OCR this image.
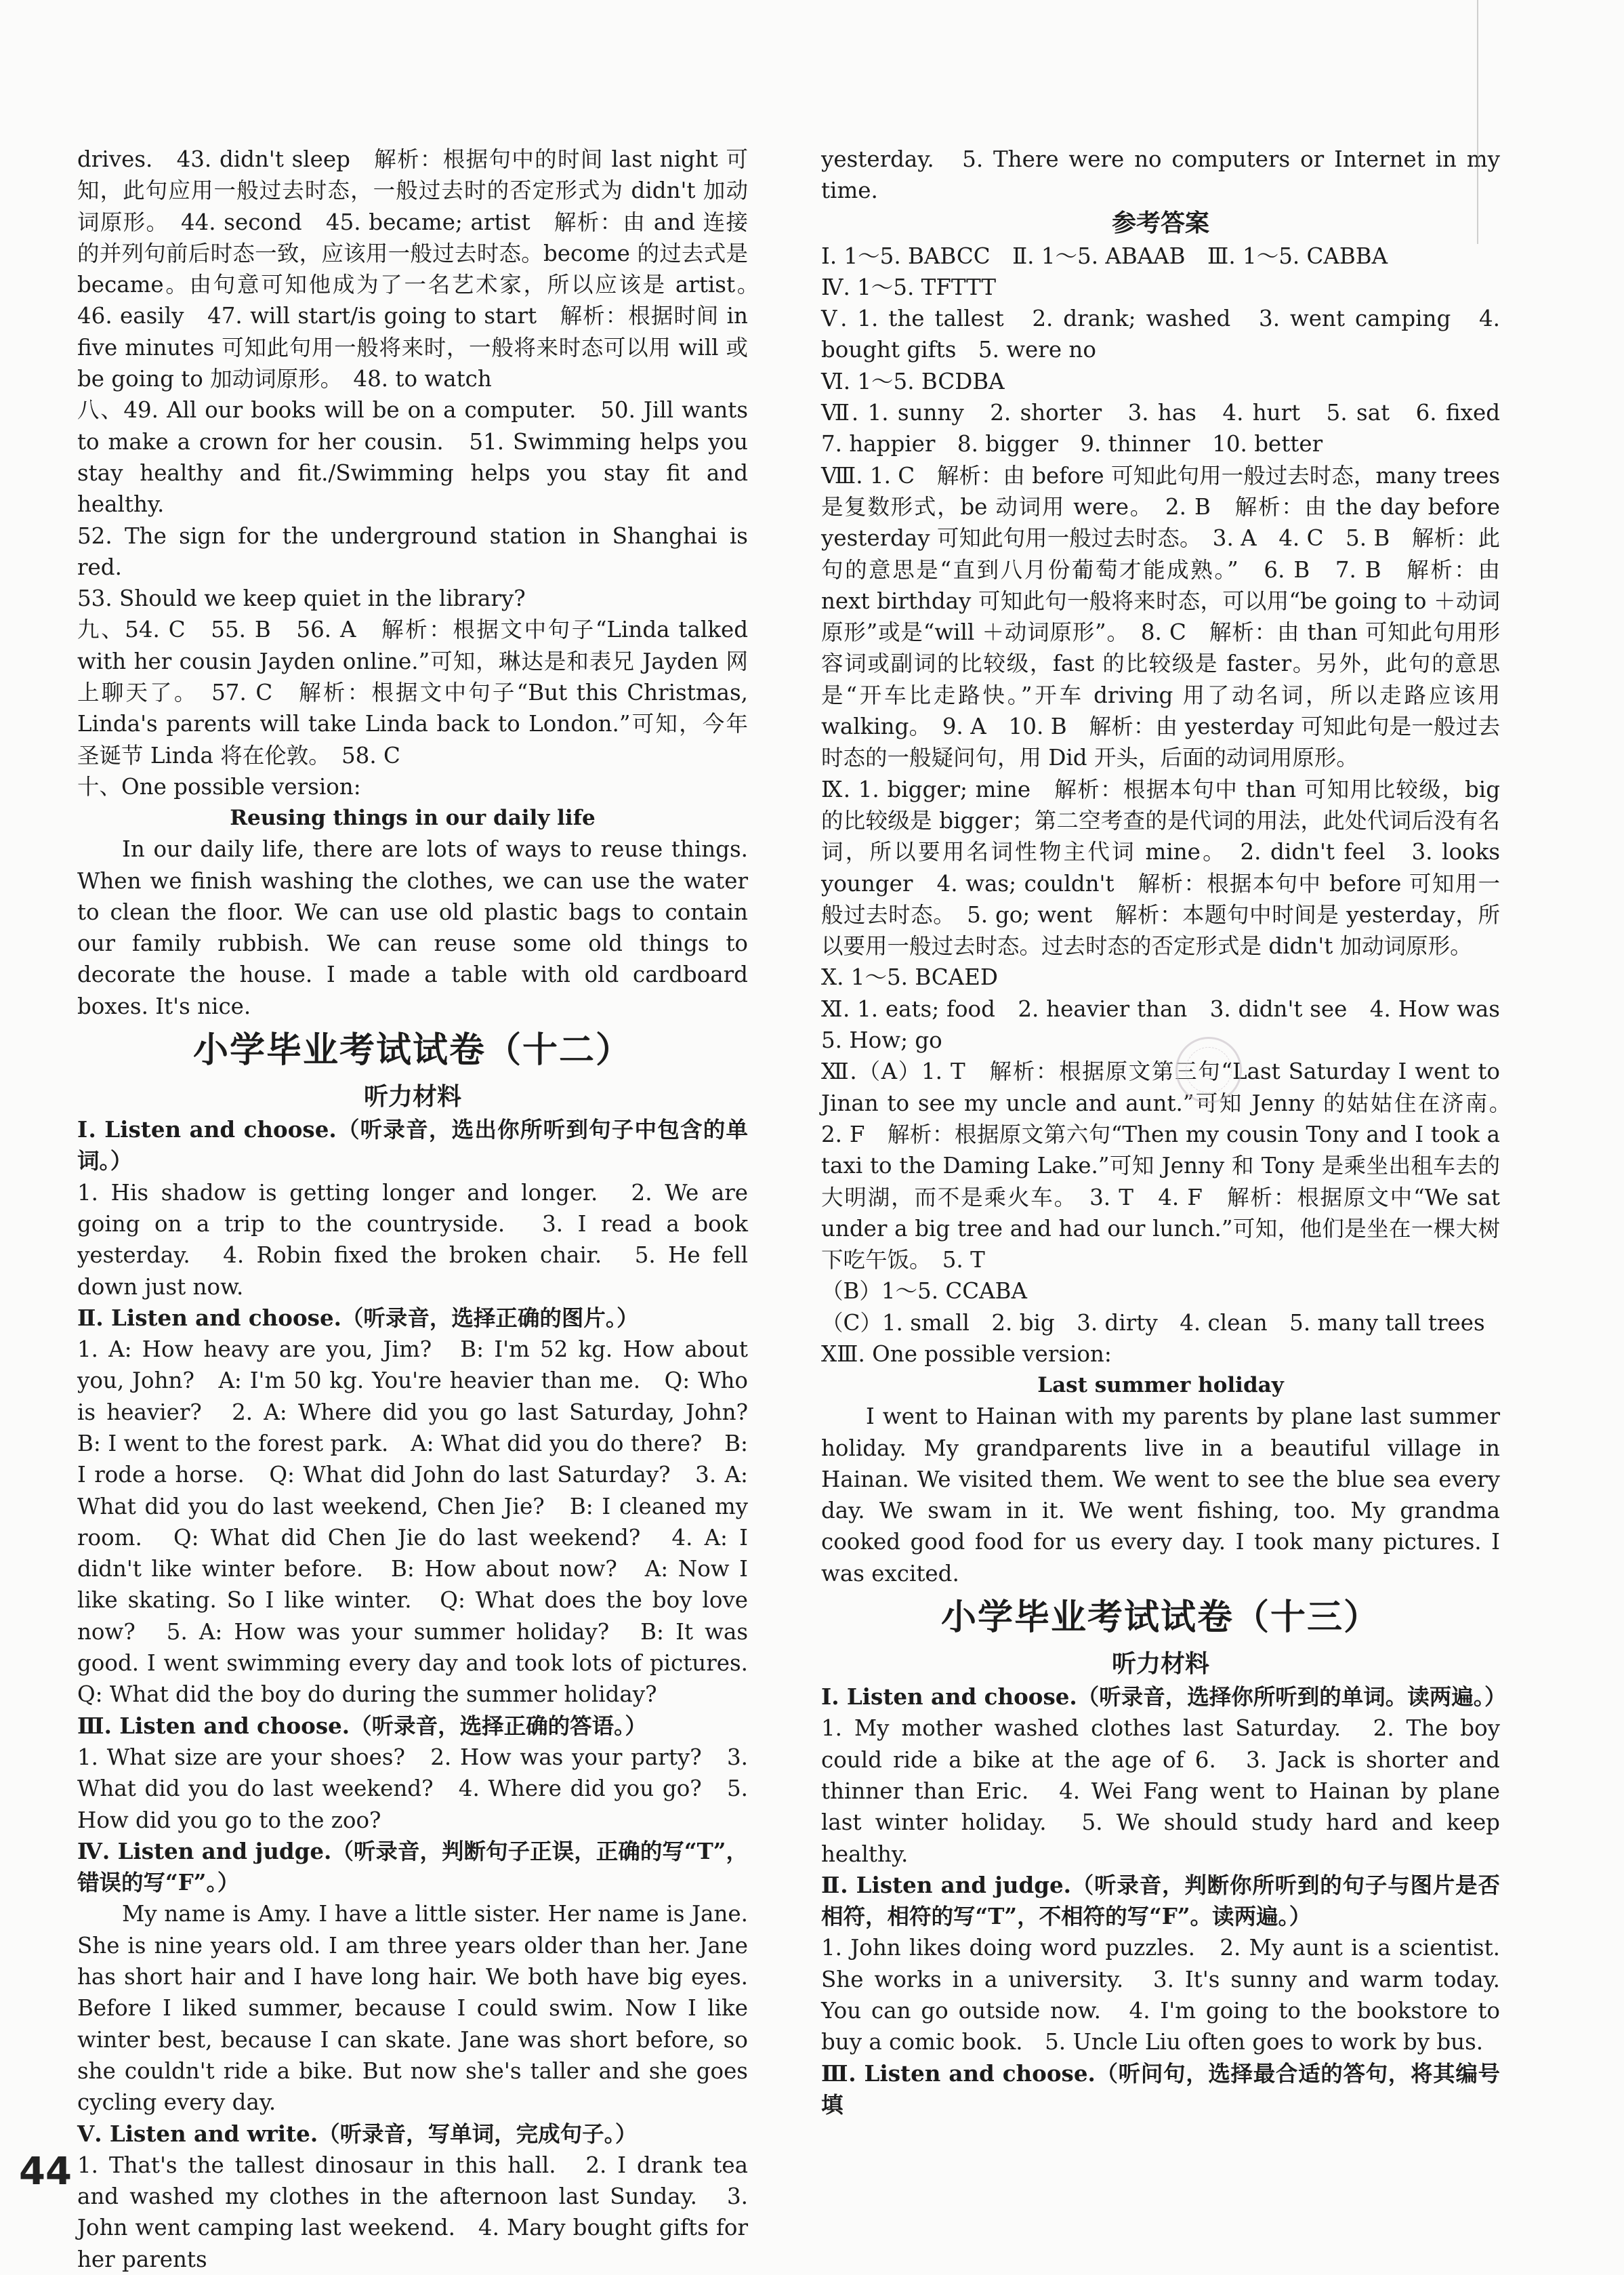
drives.　43. didn't sleep　解析：根据句中的时间 last night 可知，此句应用一般过去时态，一般过去时的否定形式为 didn't 加动词原形。　44. second　45. became; artist　解析：由 and 连接的并列句前后时态一致，应该用一般过去时态。become 的过去式是 became。由句意可知他成为了一名艺术家，所以应该是 artist。　46. easily　47. will start/is going to start　解析：根据时间 in five minutes 可知此句用一般将来时，一般将来时态可以用 will 或 be going to 加动词原形。　48. to watch

八、49. All our books will be on a computer.　50. Jill wants to make a crown for her cousin.　51. Swimming helps you stay healthy and fit./Swimming helps you stay fit and healthy.

52. The sign for the underground station in Shanghai is red.

53. Should we keep quiet in the library?

九、54. C　55. B　56. A　解析：根据文中句子“Linda talked with her cousin Jayden online.”可知，琳达是和表兄 Jayden 网上聊天了。　57. C　解析：根据文中句子“But this Christmas, Linda's parents will take Linda back to London.”可知，今年圣诞节 Linda 将在伦敦。　58. C

十、One possible version:

Reusing things in our daily life

In our daily life, there are lots of ways to reuse things. When we finish washing the clothes, we can use the water to clean the floor. We can use old plastic bags to contain our family rubbish. We can reuse some old things to decorate the house. I made a table with old cardboard boxes. It's nice.

小学毕业考试试卷（十二）

听力材料

Ⅰ. Listen and choose.（听录音，选出你所听到句子中包含的单词。）

1. His shadow is getting longer and longer.　2. We are going on a trip to the countryside.　3. I read a book yesterday.　4. Robin fixed the broken chair.　5. He fell down just now.

Ⅱ. Listen and choose.（听录音，选择正确的图片。）

1. A: How heavy are you, Jim?　B: I'm 52 kg. How about you, John?　A: I'm 50 kg. You're heavier than me.　Q: Who is heavier?　2. A: Where did you go last Saturday, John?　B: I went to the forest park.　A: What did you do there?　B: I rode a horse.　Q: What did John do last Saturday?　3. A: What did you do last weekend, Chen Jie?　B: I cleaned my room.　Q: What did Chen Jie do last weekend?　4. A: I didn't like winter before.　B: How about now?　A: Now I like skating. So I like winter.　Q: What does the boy love now?　5. A: How was your summer holiday?　B: It was good. I went swimming every day and took lots of pictures.　Q: What did the boy do during the summer holiday?

Ⅲ. Listen and choose.（听录音，选择正确的答语。）

1. What size are your shoes?　2. How was your party?　3. What did you do last weekend?　4. Where did you go?　5. How did you go to the zoo?

Ⅳ. Listen and judge.（听录音，判断句子正误，正确的写“T”，错误的写“F”。）

My name is Amy. I have a little sister. Her name is Jane. She is nine years old. I am three years older than her. Jane has short hair and I have long hair. We both have big eyes. Before I liked summer, because I could swim. Now I like winter best, because I can skate. Jane was short before, so she couldn't ride a bike. But now she's taller and she goes cycling every day.

Ⅴ. Listen and write.（听录音，写单词，完成句子。）

1. That's the tallest dinosaur in this hall.　2. I drank tea and washed my clothes in the afternoon last Sunday.　3. John went camping last weekend.　4. Mary bought gifts for her parents

yesterday.　5. There were no computers or Internet in my time.

参考答案

Ⅰ. 1～5. BABCC　Ⅱ. 1～5. ABAAB　Ⅲ. 1～5. CABBA

Ⅳ. 1～5. TFTTT

Ⅴ. 1. the tallest　2. drank; washed　3. went camping　4. bought gifts　5. were no

Ⅵ. 1～5. BCDBA

Ⅶ. 1. sunny　2. shorter　3. has　4. hurt　5. sat　6. fixed　7. happier　8. bigger　9. thinner　10. better

Ⅷ. 1. C　解析：由 before 可知此句用一般过去时态，many trees 是复数形式，be 动词用 were。　2. B　解析：由 the day before yesterday 可知此句用一般过去时态。　3. A　4. C　5. B　解析：此句的意思是“直到八月份葡萄才能成熟。”　6. B　7. B　解析：由 next birthday 可知此句一般将来时态，可以用“be going to ＋动词原形”或是“will ＋动词原形”。　8. C　解析：由 than 可知此句用形容词或副词的比较级，fast 的比较级是 faster。另外，此句的意思是“开车比走路快。”开车 driving 用了动名词，所以走路应该用 walking。　9. A　10. B　解析：由 yesterday 可知此句是一般过去时态的一般疑问句，用 Did 开头，后面的动词用原形。

Ⅸ. 1. bigger; mine　解析：根据本句中 than 可知用比较级，big 的比较级是 bigger；第二空考查的是代词的用法，此处代词后没有名词，所以要用名词性物主代词 mine。　2. didn't feel　3. looks younger　4. was; couldn't　解析：根据本句中 before 可知用一般过去时态。　5. go; went　解析：本题句中时间是 yesterday，所以要用一般过去时态。过去时态的否定形式是 didn't 加动词原形。

Ⅹ. 1～5. BCAED

Ⅺ. 1. eats; food　2. heavier than　3. didn't see　4. How was　5. How; go

Ⅻ.（A）1. T　解析：根据原文第三句“Last Saturday I went to Jinan to see my uncle and aunt.”可知 Jenny 的姑姑住在济南。　2. F　解析：根据原文第六句“Then my cousin Tony and I took a taxi to the Daming Lake.”可知 Jenny 和 Tony 是乘坐出租车去的大明湖，而不是乘火车。　3. T　4. F　解析：根据原文中“We sat under a big tree and had our lunch.”可知，他们是坐在一棵大树下吃午饭。　5. T

（B）1～5. CCABA

（C）1. small　2. big　3. dirty　4. clean　5. many tall trees

ⅩⅢ. One possible version:

Last summer holiday

I went to Hainan with my parents by plane last summer holiday. My grandparents live in a beautiful village in Hainan. We visited them. We went to see the blue sea every day. We swam in it. We went fishing, too. My grandma cooked good food for us every day. I took many pictures. I was excited.

小学毕业考试试卷（十三）

听力材料

Ⅰ. Listen and choose.（听录音，选择你所听到的单词。读两遍。）

1. My mother washed clothes last Saturday.　2. The boy could ride a bike at the age of 6.　3. Jack is shorter and thinner than Eric.　4. Wei Fang went to Hainan by plane last winter holiday.　5. We should study hard and keep healthy.

Ⅱ. Listen and judge.（听录音，判断你所听到的句子与图片是否相符，相符的写“T”，不相符的写“F”。读两遍。）

1. John likes doing word puzzles.　2. My aunt is a scientist. She works in a university.　3. It's sunny and warm today. You can go outside now.　4. I'm going to the bookstore to buy a comic book.　5. Uncle Liu often goes to work by bus.

Ⅲ. Listen and choose.（听问句，选择最合适的答句，将其编号填

44
